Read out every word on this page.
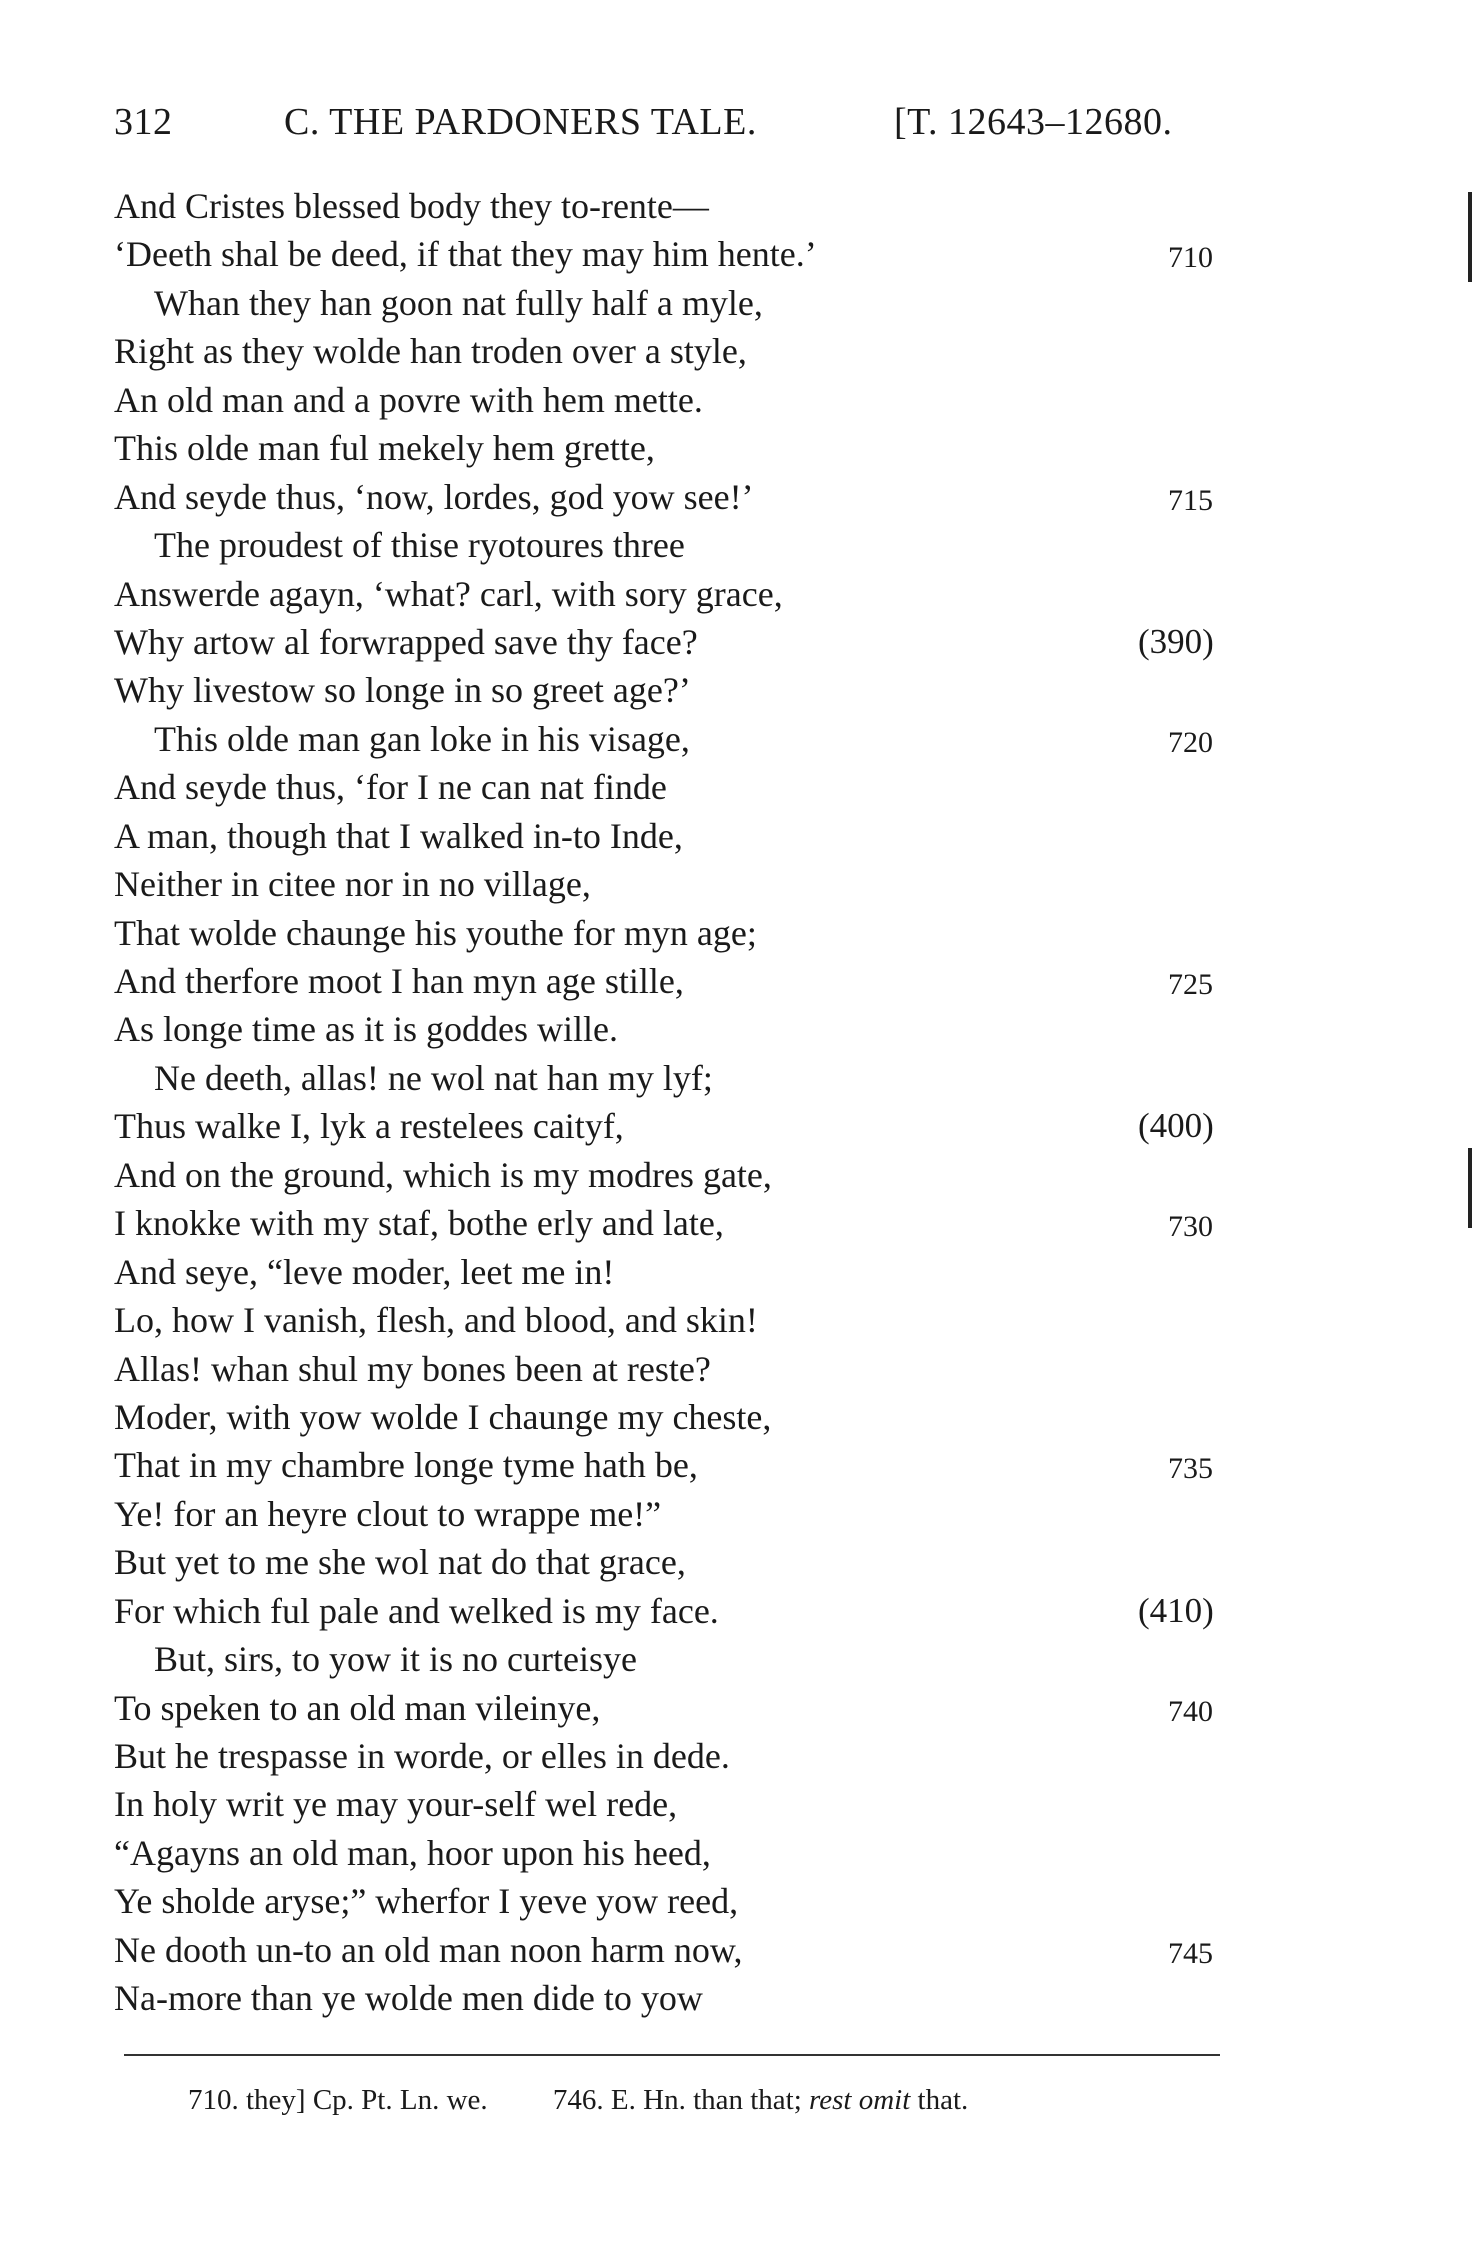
312	C. THE PARDONERS TALE.	[T. 12643–12680.
And Cristes blessed body they to-rente—
‘Deeth shal be deed, if that they may him hente.’	710
Whan they han goon nat fully half a myle,
Right as they wolde han troden over a style,
An old man and a povre with hem mette.
This olde man ful mekely hem grette,
And seyde thus, ‘now, lordes, god yow see!’	715
The proudest of thise ryotoures three
Answerde agayn, ‘what? carl, with sory grace,
Why artow al forwrapped save thy face?	(390)
Why livestow so longe in so greet age?’
This olde man gan loke in his visage,	720
And seyde thus, ‘for I ne can nat finde
A man, though that I walked in-to Inde,
Neither in citee nor in no village,
That wolde chaunge his youthe for myn age;
And therfore moot I han myn age stille,	725
As longe time as it is goddes wille.
Ne deeth, allas! ne wol nat han my lyf;
Thus walke I, lyk a restelees caityf,	(400)
And on the ground, which is my modres gate,
I knokke with my staf, bothe erly and late,	730
And seye, “leve moder, leet me in!
Lo, how I vanish, flesh, and blood, and skin!
Allas! whan shul my bones been at reste?
Moder, with yow wolde I chaunge my cheste,
That in my chambre longe tyme hath be,	735
Ye! for an heyre clout to wrappe me!”
But yet to me she wol nat do that grace,
For which ful pale and welked is my face.	(410)
But, sirs, to yow it is no curteisye
To speken to an old man vileinye,	740
But he trespasse in worde, or elles in dede.
In holy writ ye may your-self wel rede,
“Agayns an old man, hoor upon his heed,
Ye sholde aryse;” wherfor I yeve yow reed,
Ne dooth un-to an old man noon harm now,	745
Na-more than ye wolde men dide to yow
710. they] Cp. Pt. Ln. we. 746. E. Hn. than that; rest omit that.
